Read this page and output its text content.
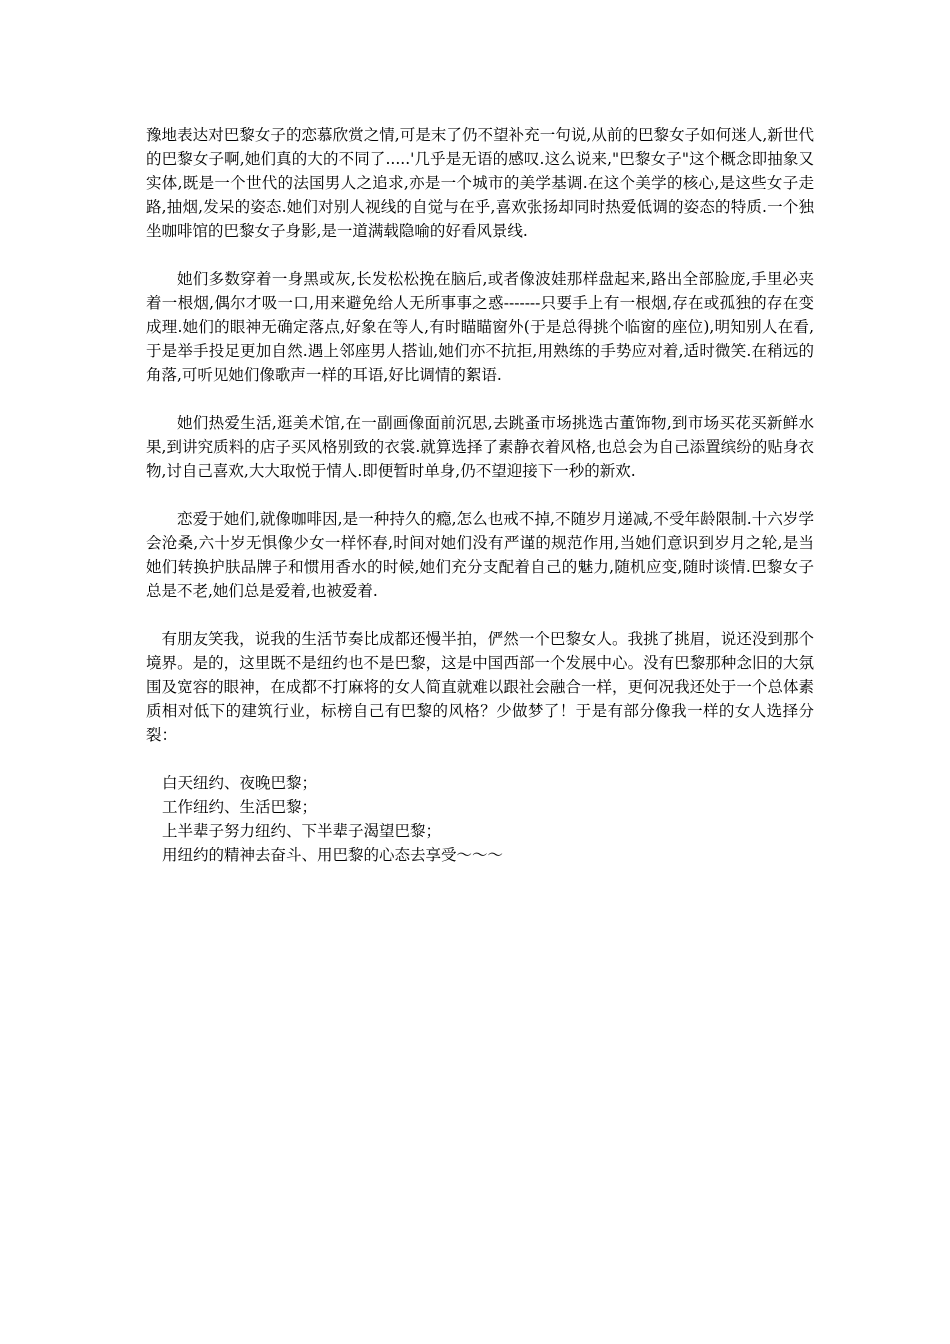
豫地表达对巴黎女子的恋慕欣赏之情,可是末了仍不望补充一句说,从前的巴黎女子如何迷人,新世代的巴黎女子啊,她们真的大的不同了.....'几乎是无语的感叹.这么说来,"巴黎女子"这个概念即抽象又实体,既是一个世代的法国男人之追求,亦是一个城市的美学基调.在这个美学的核心,是这些女子走路,抽烟,发呆的姿态.她们对别人视线的自觉与在乎,喜欢张扬却同时热爱低调的姿态的特质.一个独坐咖啡馆的巴黎女子身影,是一道满载隐喻的好看风景线.

她们多数穿着一身黑或灰,长发松松挽在脑后,或者像波娃那样盘起来,路出全部脸庞,手里必夹着一根烟,偶尔才吸一口,用来避免给人无所事事之惑-------只要手上有一根烟,存在或孤独的存在变成理.她们的眼神无确定落点,好象在等人,有时瞄瞄窗外(于是总得挑个临窗的座位),明知别人在看,于是举手投足更加自然.遇上邻座男人搭讪,她们亦不抗拒,用熟练的手势应对着,适时微笑.在稍远的角落,可听见她们像歌声一样的耳语,好比调情的絮语.

她们热爱生活,逛美术馆,在一副画像面前沉思,去跳蚤市场挑选古董饰物,到市场买花买新鲜水果,到讲究质料的店子买风格别致的衣裳.就算选择了素静衣着风格,也总会为自己添置缤纷的贴身衣物,讨自己喜欢,大大取悦于情人.即便暂时单身,仍不望迎接下一秒的新欢.

恋爱于她们,就像咖啡因,是一种持久的瘾,怎么也戒不掉,不随岁月递减,不受年龄限制.十六岁学会沧桑,六十岁无惧像少女一样怀春,时间对她们没有严谨的规范作用,当她们意识到岁月之轮,是当她们转换护肤品牌子和惯用香水的时候,她们充分支配着自己的魅力,随机应变,随时谈情.巴黎女子总是不老,她们总是爱着,也被爱着.

有朋友笑我，说我的生活节奏比成都还慢半拍，俨然一个巴黎女人。我挑了挑眉，说还没到那个境界。是的，这里既不是纽约也不是巴黎，这是中国西部一个发展中心。没有巴黎那种念旧的大氛围及宽容的眼神，在成都不打麻将的女人简直就难以跟社会融合一样，更何况我还处于一个总体素质相对低下的建筑行业，标榜自己有巴黎的风格？少做梦了！于是有部分像我一样的女人选择分裂：

白天纽约、夜晚巴黎；
工作纽约、生活巴黎；
上半辈子努力纽约、下半辈子渴望巴黎；
用纽约的精神去奋斗、用巴黎的心态去享受～～～
